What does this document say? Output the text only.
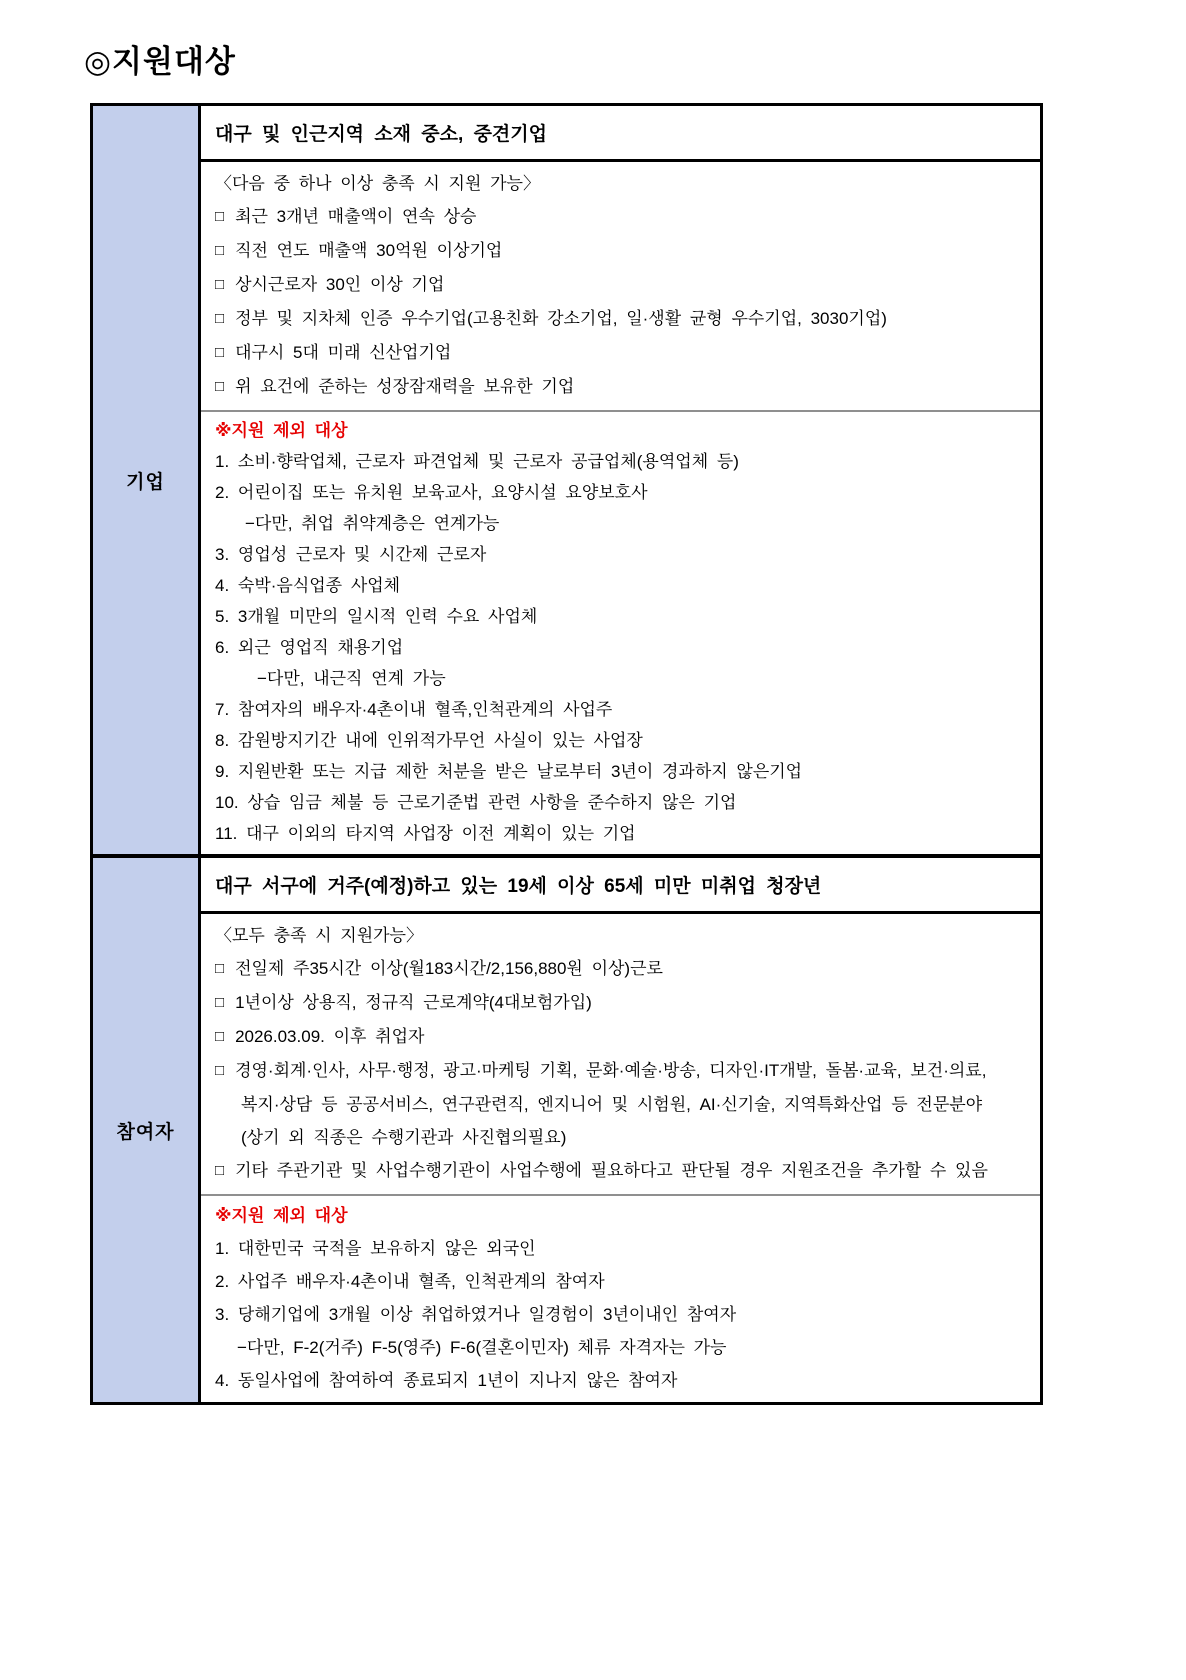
◎지원대상
기업
대구 및 인근지역 소재 중소, 중견기업
〈다음 중 하나 이상 충족 시 지원 가능〉
□ 최근 3개년 매출액이 연속 상승
□ 직전 연도 매출액 30억원 이상기업
□ 상시근로자 30인 이상 기업
□ 정부 및 지차체 인증 우수기업(고용친화 강소기업, 일·생활 균형 우수기업, 3030기업)
□ 대구시 5대 미래 신산업기업
□ 위 요건에 준하는 성장잠재력을 보유한 기업
※지원 제외 대상
1. 소비·향락업체, 근로자 파견업체 및 근로자 공급업체(용역업체 등)
2. 어린이집 또는 유치원 보육교사, 요양시설 요양보호사
−다만, 취업 취약계층은 연계가능
3. 영업성 근로자 및 시간제 근로자
4. 숙박·음식업종 사업체
5. 3개월 미만의 일시적 인력 수요 사업체
6. 외근 영업직 채용기업
−다만, 내근직 연계 가능
7. 참여자의 배우자·4촌이내 혈족,인척관계의 사업주
8. 감원방지기간 내에 인위적가무언 사실이 있는 사업장
9. 지원반환 또는 지급 제한 처분을 받은 날로부터 3년이 경과하지 않은기업
10. 상습 임금 체불 등 근로기준법 관련 사항을 준수하지 않은 기업
11. 대구 이외의 타지역 사업장 이전 계획이 있는 기업
참여자
대구 서구에 거주(예정)하고 있는 19세 이상 65세 미만 미취업 청장년
〈모두 충족 시 지원가능〉
□ 전일제 주35시간 이상(월183시간/2,156,880원 이상)근로
□ 1년이상 상용직, 정규직 근로계약(4대보험가입)
□ 2026.03.09. 이후 취업자
□ 경영·회계·인사, 사무·행정, 광고·마케팅 기획, 문화·예술·방송, 디자인·IT개발, 돌봄·교육, 보건·의료,
복지·상담 등 공공서비스, 연구관련직, 엔지니어 및 시험원, AI·신기술, 지역특화산업 등 전문분야
(상기 외 직종은 수행기관과 사진협의필요)
□ 기타 주관기관 및 사업수행기관이 사업수행에 필요하다고 판단될 경우 지원조건을 추가할 수 있음
※지원 제외 대상
1. 대한민국 국적을 보유하지 않은 외국인
2. 사업주 배우자·4촌이내 혈족, 인척관계의 참여자
3. 당해기업에 3개월 이상 취업하였거나 일경험이 3년이내인 참여자
−다만, F-2(거주) F-5(영주) F-6(결혼이민자) 체류 자격자는 가능
4. 동일사업에 참여하여 종료되지 1년이 지나지 않은 참여자
